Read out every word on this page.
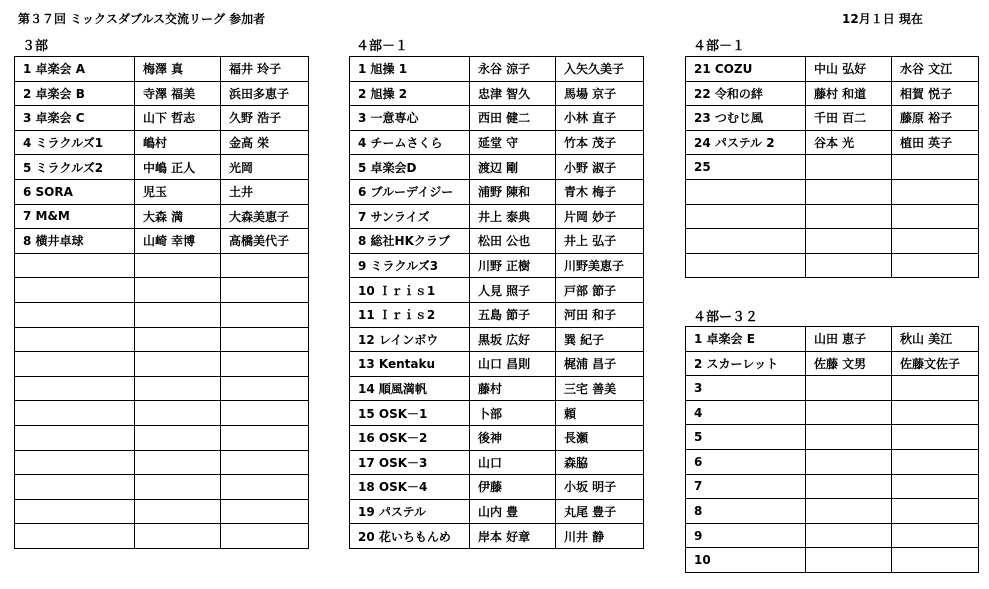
第３７回 ミックスダブルス交流リーグ 参加者	12月１日 現在
３部
1 卓楽会 A	梅澤 真	福井 玲子
2 卓楽会 B	寺澤 福美	浜田多恵子
3 卓楽会 C	山下 哲志	久野 浩子
4 ミラクルズ1	嶋村	金高 栄
5 ミラクルズ2	中嶋 正人	光岡
6 SORA	児玉	土井
7 M&M	大森 満	大森美恵子
8 横井卓球	山崎 幸博	高橋美代子

４部－１
1 旭操 1	永谷 涼子	入矢久美子
2 旭操 2	忠津 智久	馬場 京子
3 一意専心	西田 健二	小林 直子
4 チームさくら	延堂 守	竹本 茂子
5 卓楽会D	渡辺 剛	小野 淑子
6 ブルーデイジー	浦野 陳和	青木 梅子
7 サンライズ	井上 泰典	片岡 妙子
8 総社HKクラブ	松田 公也	井上 弘子
9 ミラクルズ3	川野 正樹	川野美恵子
10 Ｉｒｉｓ1	人見 照子	戸部 節子
11 Ｉｒｉｓ2	五島 節子	河田 和子
12 レインボウ	黒坂 広好	巽 紀子
13 Kentaku	山口 昌則	梶浦 昌子
14 順風満帆	藤村	三宅 善美
15 OSK－1	卜部	頼
16 OSK－2	後神	長瀬
17 OSK－3	山口	森脇
18 OSK－4	伊藤	小坂 明子
19 パステル	山内 豊	丸尾 豊子
20 花いちもんめ	岸本 好章	川井 静
４部－１
21 COZU	中山 弘好	水谷 文江
22 令和の絆	藤村 和道	相賀 悦子
23 つむじ風	千田 百二	藤原 裕子
24 パステル 2	谷本 光	植田 英子
25		

４部ー３２
1 卓楽会 E	山田 恵子	秋山 美江
2 スカーレット	佐藤 文男	佐藤文佐子
3		
4		
5		
6		
7		
8		
9		
10		
